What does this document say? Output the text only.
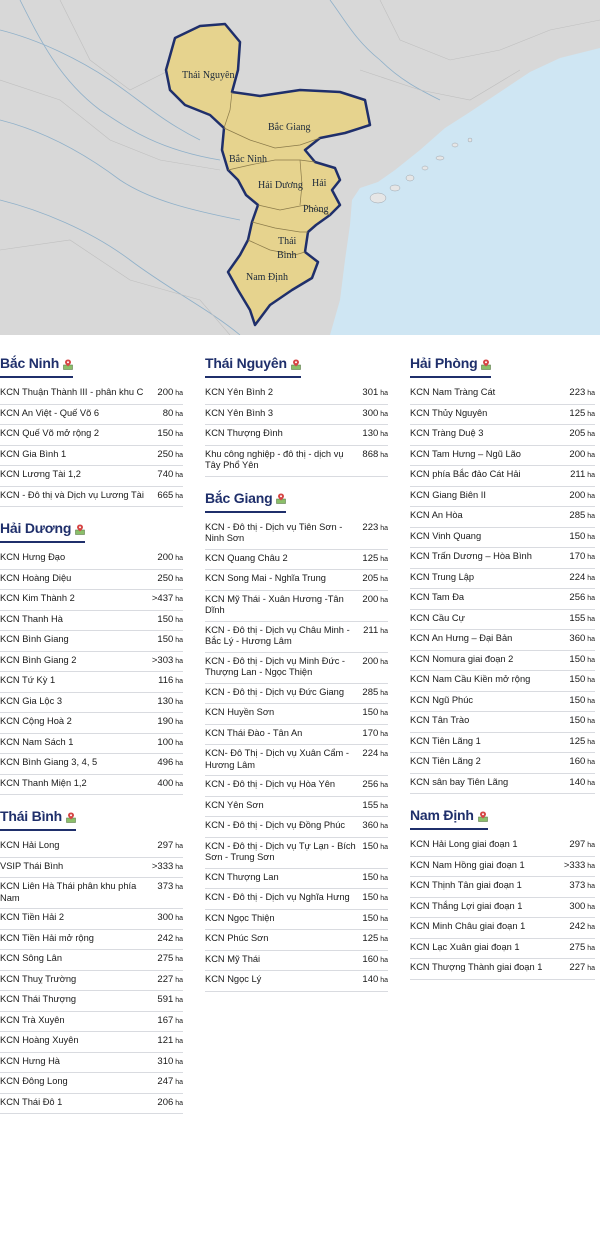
Thái Nguyên
Bắc Giang
Bắc Ninh
Hải Dương Hải
Phòng
Thái
Bình
Nam Định
Bắc Ninh
KCN Thuận Thành III - phân khu C	200 ha
KCN An Việt - Quế Võ 6	80 ha
KCN Quế Võ mở rộng 2	150 ha
KCN Gia Bình 1	250 ha
KCN Lương Tài 1,2	740 ha
KCN - Đô thị và Dịch vụ Lương Tài	665 ha
Hải Dương
KCN Hưng Đạo	200 ha
KCN Hoàng Diệu	250 ha
KCN Kim Thành 2	>437 ha
KCN Thanh Hà	150 ha
KCN Bình Giang	150 ha
KCN Bình Giang 2	>303 ha
KCN Tứ Kỳ 1	116 ha
KCN Gia Lộc 3	130 ha
KCN Cộng Hoà 2	190 ha
KCN Nam Sách 1	100 ha
KCN Bình Giang 3, 4, 5	496 ha
KCN Thanh Miện 1,2	400 ha
Thái Bình
KCN Hải Long	297 ha
VSIP Thái Bình	>333 ha
KCN Liên Hà Thái phân khu phía Nam
373 ha
KCN Tiền Hải 2	300 ha
KCN Tiền Hải mở rộng	242 ha
KCN Sông Lân	275 ha
KCN Thuỵ Trường	227 ha
KCN Thái Thượng	591 ha
KCN Trà Xuyên	167 ha
KCN Hoàng Xuyên	121 ha
KCN Hưng Hà	310 ha
KCN Đông Long	247 ha
KCN Thái Đô 1	206 ha
Thái Nguyên
KCN Yên Bình 2	301 ha
KCN Yên Bình 3	300 ha
KCN Thượng Đình	130 ha
Khu công nghiệp - đô thị - dịch vụ Tây Phổ Yên
868 ha
Bắc Giang
KCN - Đô thị - Dịch vụ Tiên Sơn - Ninh Sơn
223 ha
KCN Quang Châu 2	125 ha
KCN Song Mai - Nghĩa Trung	205 ha
KCN Mỹ Thái - Xuân Hương -Tân Dĩnh
200 ha
KCN - Đô thị - Dịch vụ Châu Minh - Bắc Lý - Hương Lâm
211 ha
KCN - Đô thị - Dịch vụ Minh Đức - Thượng Lan - Ngọc Thiện
200 ha
KCN - Đô thị - Dịch vụ Đức Giang	285 ha
KCN Huyền Sơn	150 ha
KCN Thái Đào - Tân An	170 ha
KCN- Đô Thị - Dịch vụ Xuân Cẩm - Hương Lâm
224 ha
KCN - Đô thị - Dịch vụ Hòa Yên	256 ha
KCN Yên Sơn	155 ha
KCN - Đô thị - Dịch vụ Đồng Phúc	360 ha
KCN - Đô thị - Dịch vụ Tự Lạn - Bích Sơn - Trung Sơn
150 ha
KCN Thượng Lan	150 ha
KCN - Đô thị - Dịch vụ Nghĩa Hưng	150 ha
KCN Ngọc Thiện	150 ha
KCN Phúc Sơn	125 ha
KCN Mỹ Thái	160 ha
KCN Ngọc Lý	140 ha
Hải Phòng
KCN Nam Tràng Cát	223 ha
KCN Thủy Nguyên	125 ha
KCN Tràng Duệ 3	205 ha
KCN Tam Hưng – Ngũ Lão	200 ha
KCN phía Bắc đảo Cát Hải	211 ha
KCN Giang Biên II	200 ha
KCN An Hòa	285 ha
KCN Vinh Quang	150 ha
KCN Trấn Dương – Hòa Bình	170 ha
KCN Trung Lập	224 ha
KCN Tam Đa	256 ha
KCN Cầu Cự	155 ha
KCN An Hưng – Đại Bản	360 ha
KCN Nomura giai đoạn 2	150 ha
KCN Nam Cầu Kiền mở rộng	150 ha
KCN Ngũ Phúc	150 ha
KCN Tân Trào	150 ha
KCN Tiên Lãng 1	125 ha
KCN Tiên Lãng 2	160 ha
KCN sân bay Tiên Lãng	140 ha
Nam Định
KCN Hải Long giai đoạn 1	297 ha
KCN Nam Hồng giai đoạn 1	>333 ha
KCN Thịnh Tân giai đoạn 1	373 ha
KCN Thắng Lợi giai đoạn 1	300 ha
KCN Minh Châu giai đoạn 1	242 ha
KCN Lạc Xuân giai đoạn 1	275 ha
KCN Thượng Thành giai đoạn 1	227 ha
